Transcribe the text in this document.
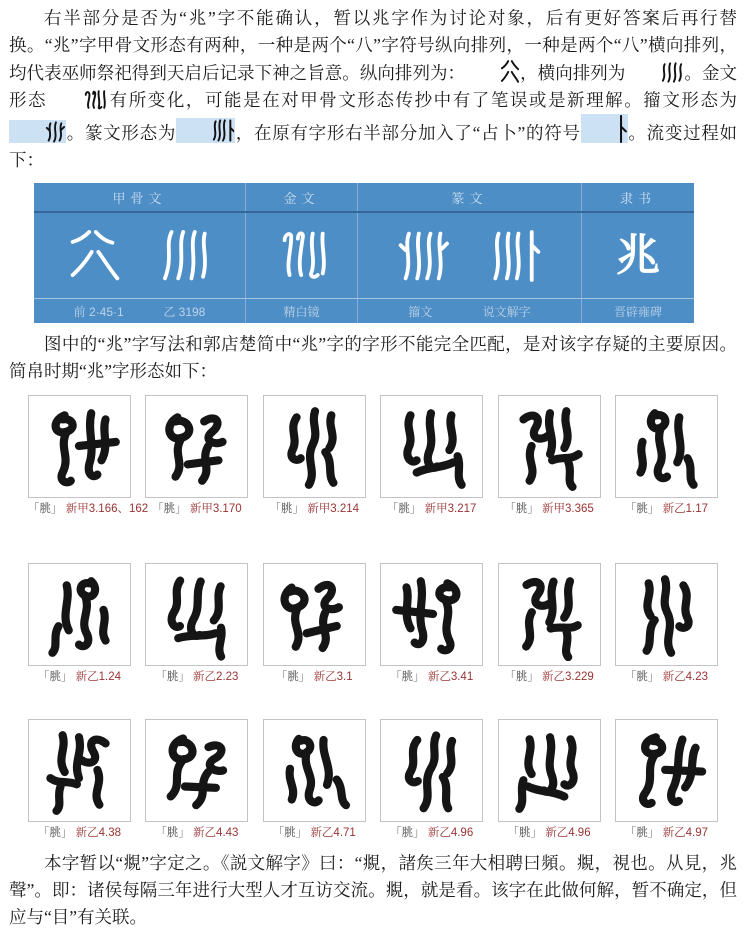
右半部分是否为“兆”字不能确认，暂以兆字作为讨论对象，后有更好答案后再行替换。“兆”字甲骨文形态有两种，一种是两个“八”字符号纵向排列，一种是两个“八”横向排列，均代表巫师祭祀得到天启后记录下神之旨意。纵向排列为：	，横向排列为	。金文形态	有所变化，可能是在对甲骨文形态传抄中有了笔误或是新理解。籀文形态为。篆文形态为	，在原有字形右半部分加入了“占卜”的符号	。流变过程如下：

甲骨文	金文	篆文	隶书
兆
前 2·45·1	乙 3198	精白镜	籀文	说文解字	晋辟雍碑

图中的“兆”字写法和郭店楚简中“兆”字的字形不能完全匹配，是对该字存疑的主要原因。简帛时期“兆”字形态如下：

「脁」 新甲3.166、162 「脁」 新甲3.170	「脁」 新甲3.214	「脁」 新甲3.217	「脁」 新甲3.365	「脁」 新乙1.17
「脁」 新乙1.24	「脁」 新乙2.23	「脁」 新乙3.1	「脁」 新乙3.41	「脁」 新乙3.229	「脁」 新乙4.23
「脁」 新乙4.38	「脁」 新乙4.43	「脁」 新乙4.71	「脁」 新乙4.96	「脁」 新乙4.96	「脁」 新乙4.97

本字暂以“覜”字定之。《説文解字》曰：“覜，諸矦三年大相聘曰頻。覜，視也。从見，兆聲”。即：诸侯每隔三年进行大型人才互访交流。覜，就是看。该字在此做何解，暂不确定，但应与“目”有关联。
